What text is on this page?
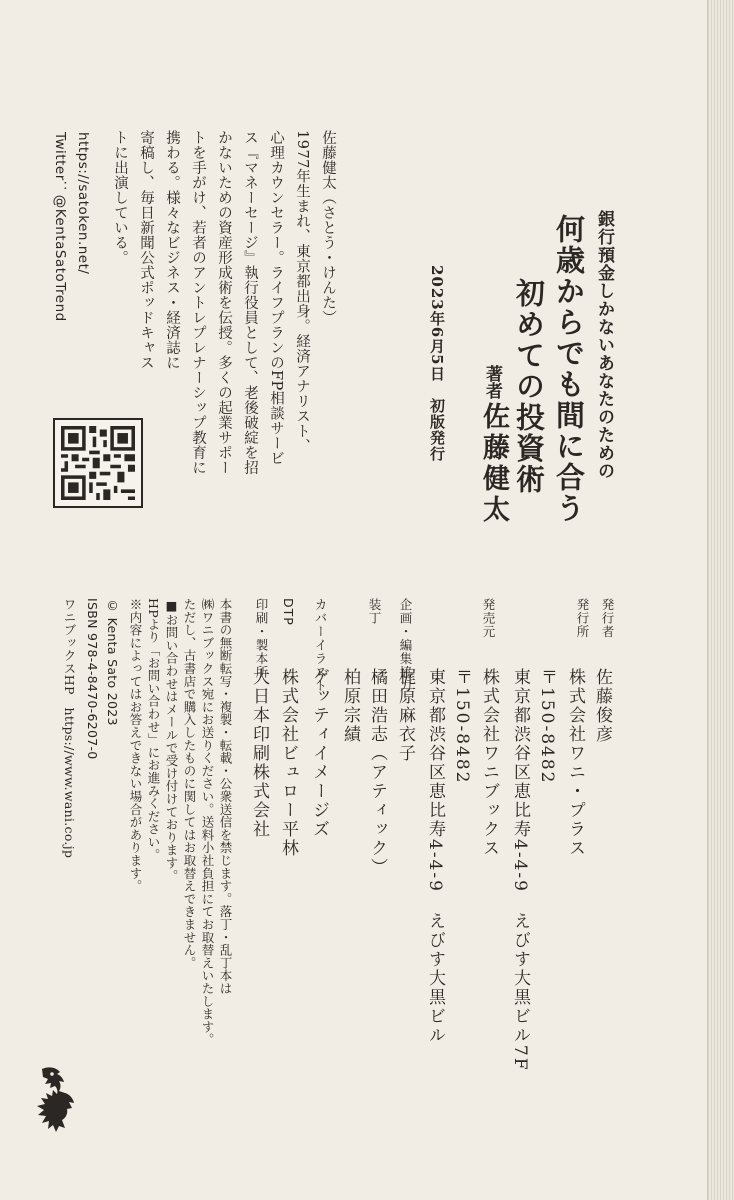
銀行預金しかないあなたのための
何歳からでも間に合う
初めての投資術
著者
佐藤健太
2023年6月5日　初版発行
佐藤健太（さとう・けんた）
1977年生まれ、東京都出身。経済アナリスト、
心理カウンセラー。ライフプランのFP相談サービ
ス『マネーセージ』執行役員として、老後破綻を招
かないための資産形成術を伝授。多くの起業サポー
トを手がけ、若者のアントレプレナーシップ教育に
携わる。様々なビジネス・経済誌に
寄稿し、毎日新聞公式ポッドキャス
トに出演している。
https://satoken.net/
Twitter：@KentaSatoTrend
発行者
発行所
発売元
企画・編集協力
装丁
カバーイラスト
DTP
印刷・製本所
佐藤俊彦
株式会社ワニ・プラス
〒150-8482
東京都渋谷区恵比寿4-4-9　えびす大黒ビル7F
株式会社ワニブックス
〒150-8482
東京都渋谷区恵比寿4-4-9　えびす大黒ビル
梶原麻衣子
橘田浩志（アティック）
柏原宗績
ゲッティイメージズ
株式会社ビュロー平林
大日本印刷株式会社
本書の無断転写・複製・転載・公衆送信を禁じます。落丁・乱丁本は
㈱ワニブックス宛にお送りください。送料小社負担にてお取替えいたします。
ただし、古書店で購入したものに関してはお取替えできません。
■お問い合わせはメールで受け付けております。
HPより「お問い合わせ」にお進みください。
※内容によってはお答えできない場合があります。
© Kenta Sato 2023
ISBN 978-4-8470-6207-0
ワニブックスHP　https://www.wani.co.jp
